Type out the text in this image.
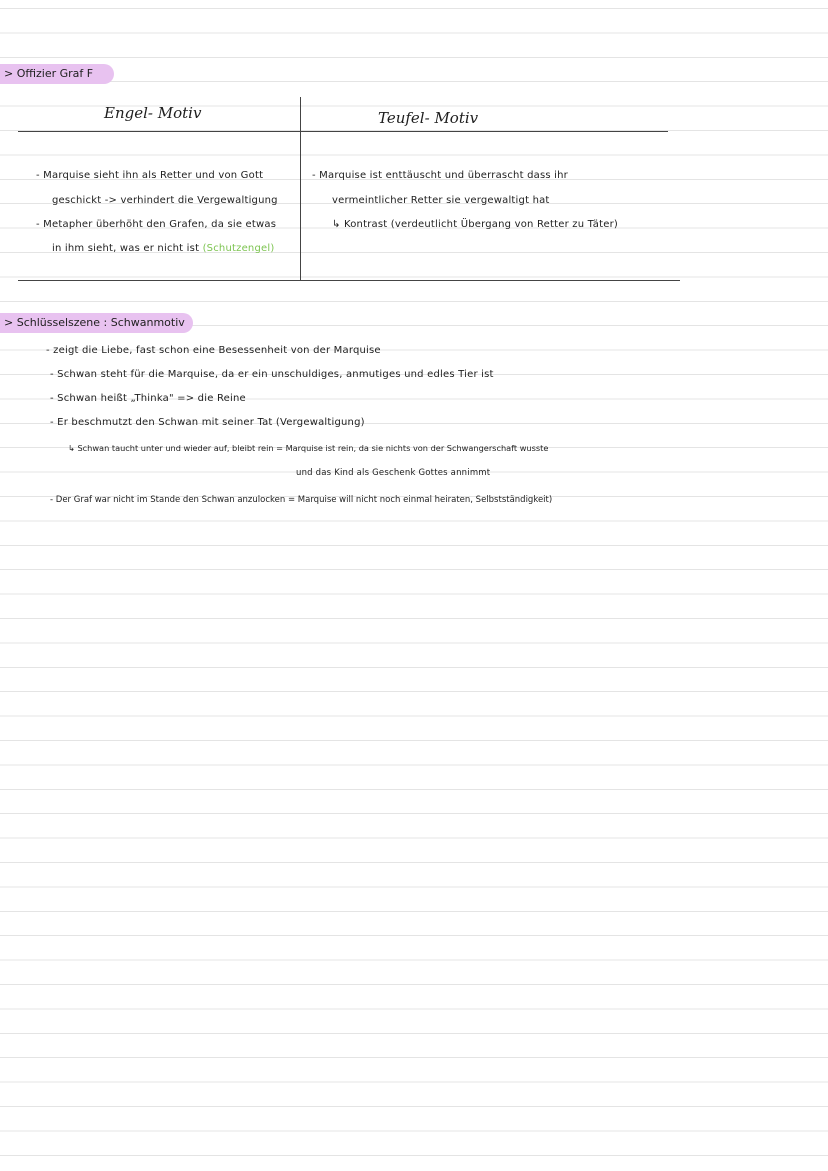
> Offizier Graf F
Engel- Motiv	Teufel- Motiv
- Marquise sieht ihn als Retter und von Gott
geschickt -> verhindert die Vergewaltigung
- Metapher überhöht den Grafen, da sie etwas
in ihm sieht, was er nicht ist (Schutzengel)
- Marquise ist enttäuscht und überrascht dass ihr
vermeintlicher Retter sie vergewaltigt hat
↳ Kontrast (verdeutlicht Übergang von Retter zu Täter)
> Schlüsselszene : Schwanmotiv
- zeigt die Liebe, fast schon eine Besessenheit von der Marquise
- Schwan steht für die Marquise, da er ein unschuldiges, anmutiges und edles Tier ist
- Schwan heißt „Thinka" => die Reine
- Er beschmutzt den Schwan mit seiner Tat (Vergewaltigung)
↳ Schwan taucht unter und wieder auf, bleibt rein = Marquise ist rein, da sie nichts von der Schwangerschaft wusste
und das Kind als Geschenk Gottes annimmt
- Der Graf war nicht im Stande den Schwan anzulocken = Marquise will nicht noch einmal heiraten, Selbstständigkeit)
